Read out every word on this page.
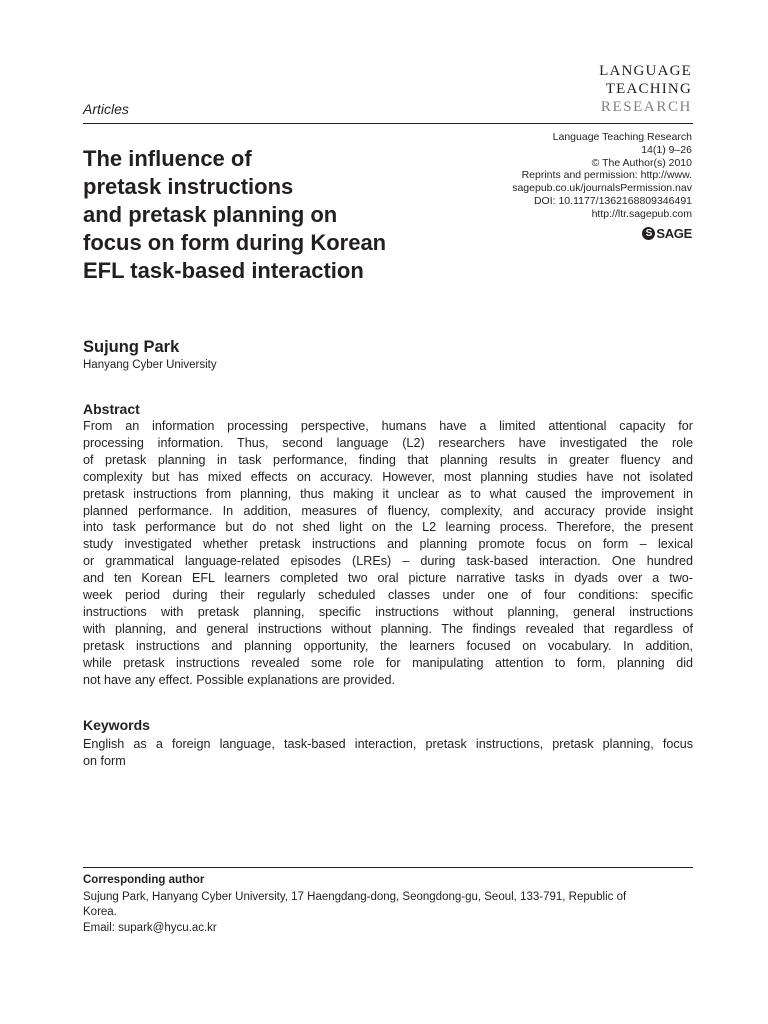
LANGUAGE
TEACHING
RESEARCH
Articles
Language Teaching Research
14(1) 9–26
© The Author(s) 2010
Reprints and permission: http://www.
sagepub.co.uk/journalsPermission.nav
DOI: 10.1177/1362168809346491
http://ltr.sagepub.com
S SAGE
The influence of
pretask instructions
and pretask planning on
focus on form during Korean
EFL task-based interaction
Sujung Park
Hanyang Cyber University
Abstract
From an information processing perspective, humans have a limited attentional capacity for
processing information. Thus, second language (L2) researchers have investigated the role
of pretask planning in task performance, finding that planning results in greater fluency and
complexity but has mixed effects on accuracy. However, most planning studies have not isolated
pretask instructions from planning, thus making it unclear as to what caused the improvement in
planned performance. In addition, measures of fluency, complexity, and accuracy provide insight
into task performance but do not shed light on the L2 learning process. Therefore, the present
study investigated whether pretask instructions and planning promote focus on form – lexical
or grammatical language-related episodes (LREs) – during task-based interaction. One hundred
and ten Korean EFL learners completed two oral picture narrative tasks in dyads over a two-
week period during their regularly scheduled classes under one of four conditions: specific
instructions with pretask planning, specific instructions without planning, general instructions
with planning, and general instructions without planning. The findings revealed that regardless of
pretask instructions and planning opportunity, the learners focused on vocabulary. In addition,
while pretask instructions revealed some role for manipulating attention to form, planning did
not have any effect. Possible explanations are provided.
Keywords
English as a foreign language, task-based interaction, pretask instructions, pretask planning, focus
on form
Corresponding author
Sujung Park, Hanyang Cyber University, 17 Haengdang-dong, Seongdong-gu, Seoul, 133-791, Republic of
Korea.
Email: supark@hycu.ac.kr
